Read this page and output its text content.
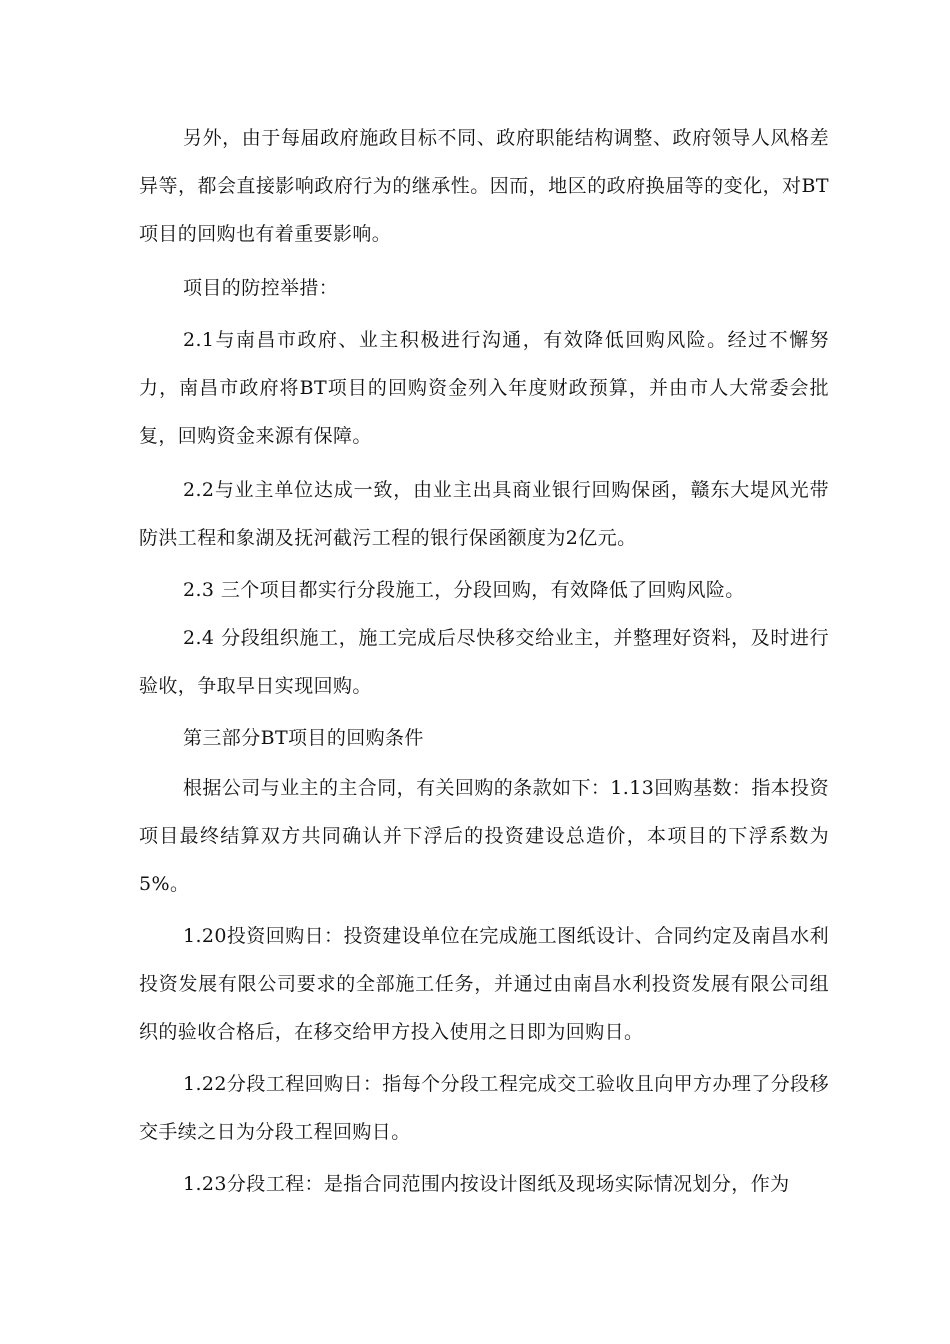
另外，由于每届政府施政目标不同、政府职能结构调整、政府领导人风格差异等，都会直接影响政府行为的继承性。因而，地区的政府换届等的变化，对BT项目的回购也有着重要影响。

项目的防控举措：

2.1与南昌市政府、业主积极进行沟通，有效降低回购风险。经过不懈努力，南昌市政府将BT项目的回购资金列入年度财政预算，并由市人大常委会批复，回购资金来源有保障。

2.2与业主单位达成一致，由业主出具商业银行回购保函，赣东大堤风光带防洪工程和象湖及抚河截污工程的银行保函额度为2亿元。

2.3 三个项目都实行分段施工，分段回购，有效降低了回购风险。

2.4 分段组织施工，施工完成后尽快移交给业主，并整理好资料，及时进行验收，争取早日实现回购。

第三部分BT项目的回购条件

根据公司与业主的主合同，有关回购的条款如下：1.13回购基数：指本投资项目最终结算双方共同确认并下浮后的投资建设总造价，本项目的下浮系数为5%。

1.20投资回购日：投资建设单位在完成施工图纸设计、合同约定及南昌水利投资发展有限公司要求的全部施工任务，并通过由南昌水利投资发展有限公司组织的验收合格后，在移交给甲方投入使用之日即为回购日。

1.22分段工程回购日：指每个分段工程完成交工验收且向甲方办理了分段移交手续之日为分段工程回购日。

1.23分段工程：是指合同范围内按设计图纸及现场实际情况划分，作为
